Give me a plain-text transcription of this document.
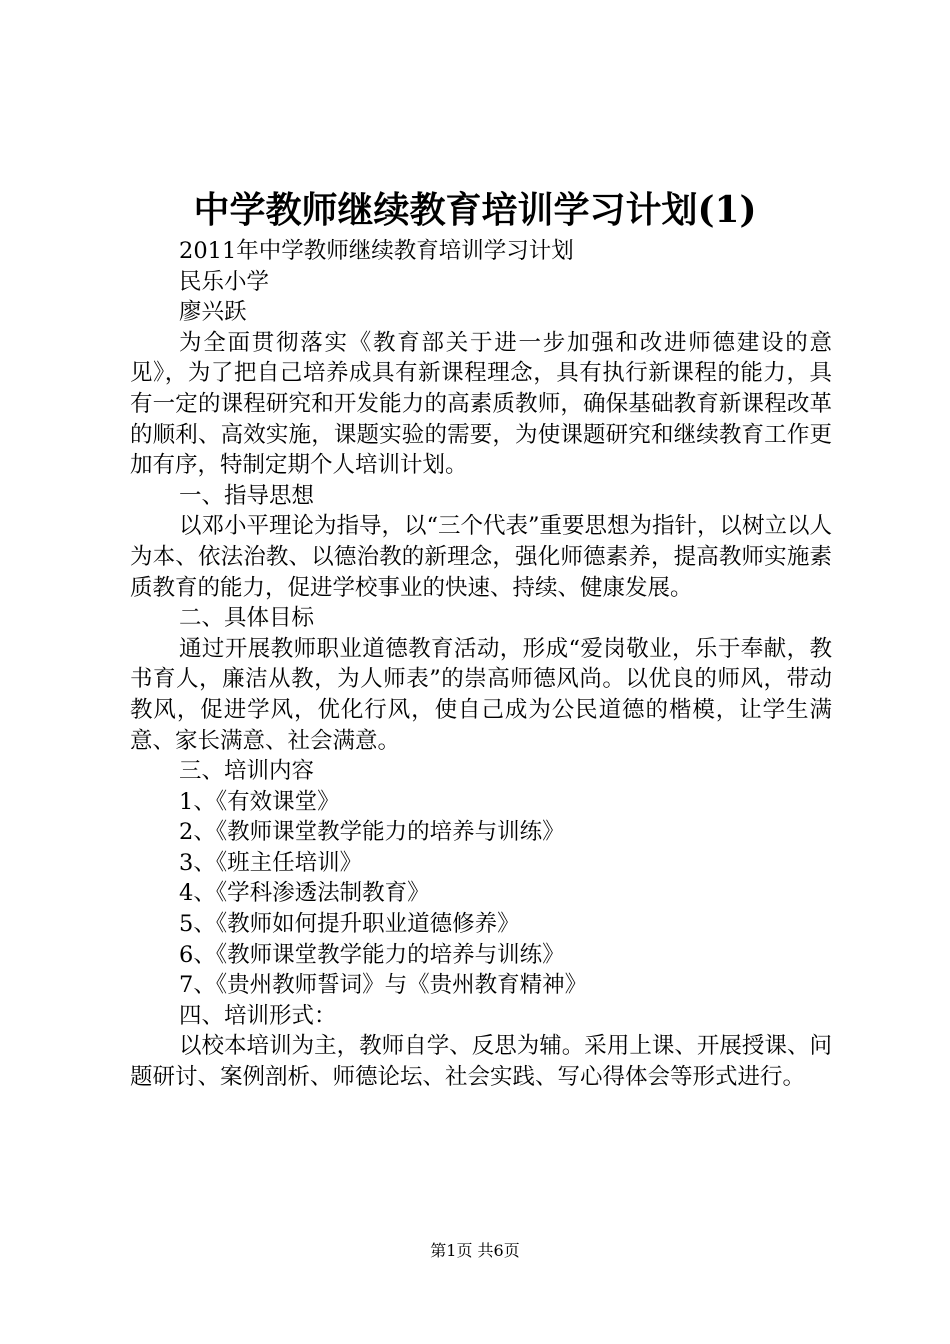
中学教师继续教育培训学习计划(1)

2011年中学教师继续教育培训学习计划

民乐小学

廖兴跃

为全面贯彻落实《教育部关于进一步加强和改进师德建设的意见》，为了把自己培养成具有新课程理念，具有执行新课程的能力，具有一定的课程研究和开发能力的高素质教师，确保基础教育新课程改革的顺利、高效实施，课题实验的需要，为使课题研究和继续教育工作更加有序，特制定期个人培训计划。

一、指导思想

以邓小平理论为指导，以“三个代表”重要思想为指针，以树立以人为本、依法治教、以德治教的新理念，强化师德素养，提高教师实施素质教育的能力，促进学校事业的快速、持续、健康发展。

二、具体目标

通过开展教师职业道德教育活动，形成“爱岗敬业，乐于奉献，教书育人，廉洁从教，为人师表”的崇高师德风尚。以优良的师风，带动教风，促进学风，优化行风，使自己成为公民道德的楷模，让学生满意、家长满意、社会满意。

三、培训内容

1、《有效课堂》

2、《教师课堂教学能力的培养与训练》

3、《班主任培训》

4、《学科渗透法制教育》

5、《教师如何提升职业道德修养》

6、《教师课堂教学能力的培养与训练》

7、《贵州教师誓词》与《贵州教育精神》

四、培训形式：

以校本培训为主，教师自学、反思为辅。采用上课、开展授课、问题研讨、案例剖析、师德论坛、社会实践、写心得体会等形式进行。

第1页 共6页
